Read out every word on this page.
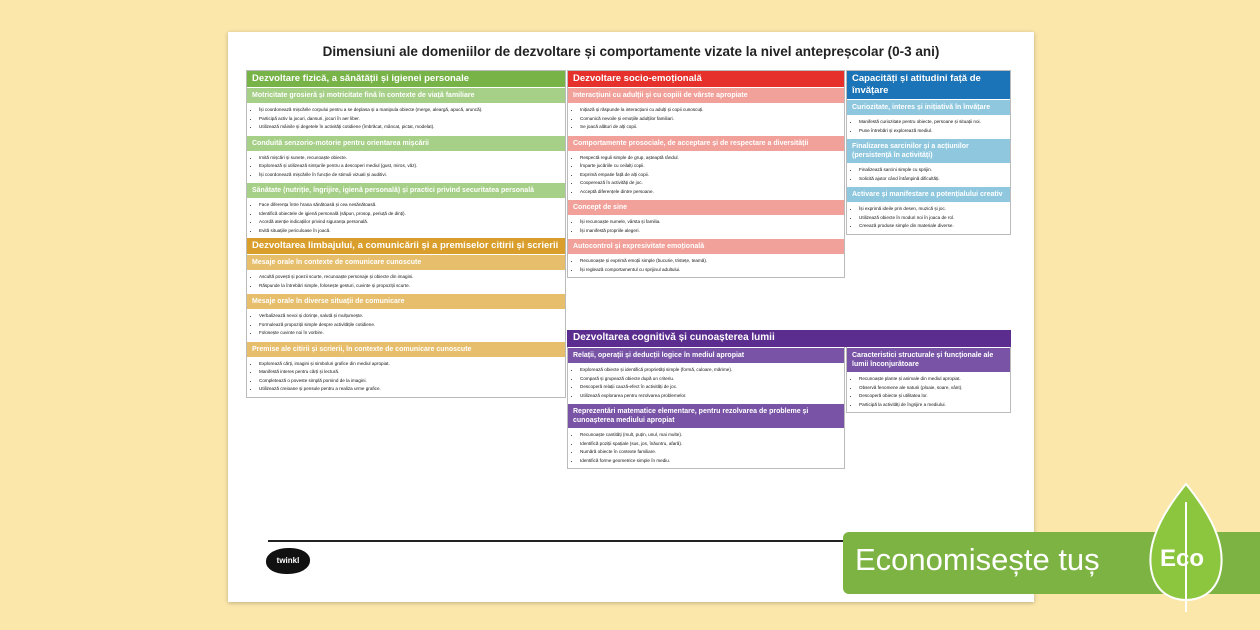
Dimensiuni ale domeniilor de dezvoltare și comportamente vizate la nivel antepreșcolar (0-3 ani)
Dezvoltare fizică, a sănătății și igienei personale
Motricitate grosieră și motricitate fină în contexte de viață familiare
• Își coordonează mișcările corpului pentru a se deplasa și a manipula obiecte (merge, aleargă, apucă, aruncă).
• Participă activ la jocuri, dansuri, jocuri în aer liber.
• Utilizează mâinile și degetele în activități cotidiene (îmbrăcat, mâncat, pictat, modelat).
Conduită senzorio-motorie pentru orientarea mișcării
• Imită mișcări și sunete, recunoaște obiecte.
• Explorează și utilizează simțurile pentru a descoperi mediul (gust, miros, văz).
• Își coordonează mișcările în funcție de stimuli vizuali și auditivi.
Sănătate (nutriție, îngrijire, igienă personală) și practici privind securitatea personală
• Face diferența între hrana sănătoasă și cea nesănătoasă.
• Identifică obiectele de igienă personală (săpun, prosop, periuță de dinți).
• Acordă atenție indicațiilor privind siguranța personală.
• Evită situațiile periculoase în joacă.
Dezvoltarea limbajului, a comunicării și a premiselor citirii și scrierii
Mesaje orale în contexte de comunicare cunoscute
• Ascultă povești și poezii scurte, recunoaște personaje și obiecte din imagini.
• Răspunde la întrebări simple, folosește gesturi, cuvinte și propoziții scurte.
Mesaje orale în diverse situații de comunicare
• Verbalizează nevoi și dorințe, salută și mulțumește.
• Formulează propoziții simple despre activitățile cotidiene.
• Folosește cuvinte noi în vorbire.
Premise ale citirii și scrierii, în contexte de comunicare cunoscute
• Explorează cărți, imagini și simboluri grafice din mediul apropiat.
• Manifestă interes pentru cărți și lectură.
• Completează o poveste simplă pornind de la imagini.
• Utilizează creioane și pensule pentru a realiza urme grafice.
Dezvoltare socio-emoțională
Interacțiuni cu adulții și cu copiii de vârste apropiate
• Inițiază și răspunde la interacțiuni cu adulți și copii cunoscuți.
• Comunică nevoile și emoțiile adulților familiari.
• Se joacă alături de alți copii.
Comportamente prosociale, de acceptare și de respectare a diversității
• Respectă reguli simple de grup, așteaptă rândul.
• Împarte jucăriile cu ceilalți copii.
• Exprimă empatie față de alți copii.
• Cooperează în activități de joc.
• Acceptă diferențele dintre persoane.
Concept de sine
• Își recunoaște numele, vârsta și familia.
• Își manifestă propriile alegeri.
Autocontrol și expresivitate emoțională
• Recunoaște și exprimă emoții simple (bucurie, tristețe, teamă).
• Își reglează comportamentul cu sprijinul adultului.
Capacități și atitudini față de învățare
Curiozitate, interes și inițiativă în învățare
• Manifestă curiozitate pentru obiecte, persoane și situații noi.
• Pune întrebări și explorează mediul.
Finalizarea sarcinilor și a acțiunilor (persistență în activități)
• Finalizează sarcini simple cu sprijin.
• Solicită ajutor când întâmpină dificultăți.
Activare și manifestare a potențialului creativ
• Își exprimă ideile prin desen, muzică și joc.
• Utilizează obiecte în moduri noi în joaca de rol.
• Creează produse simple din materiale diverse.
Dezvoltarea cognitivă și cunoașterea lumii
Relații, operații și deducții logice în mediul apropiat
• Explorează obiecte și identifică proprietăți simple (formă, culoare, mărime).
• Compară și grupează obiecte după un criteriu.
• Descoperă relații cauză-efect în activități de joc.
• Utilizează explorarea pentru rezolvarea problemelor.
Reprezentări matematice elementare, pentru rezolvarea de probleme și cunoașterea mediului apropiat
• Recunoaște cantități (mult, puțin, unul, mai multe).
• Identifică poziții spațiale (sus, jos, înăuntru, afară).
• Numără obiecte în contexte familiare.
• Identifică forme geometrice simple în mediu.
Caracteristici structurale și funcționale ale lumii înconjurătoare
• Recunoaște plante și animale din mediul apropiat.
• Observă fenomene ale naturii (ploaie, soare, vânt).
• Descoperă obiecte și utilitatea lor.
• Participă la activități de îngrijire a mediului.
twinkl	Economisește tuș	Eco
